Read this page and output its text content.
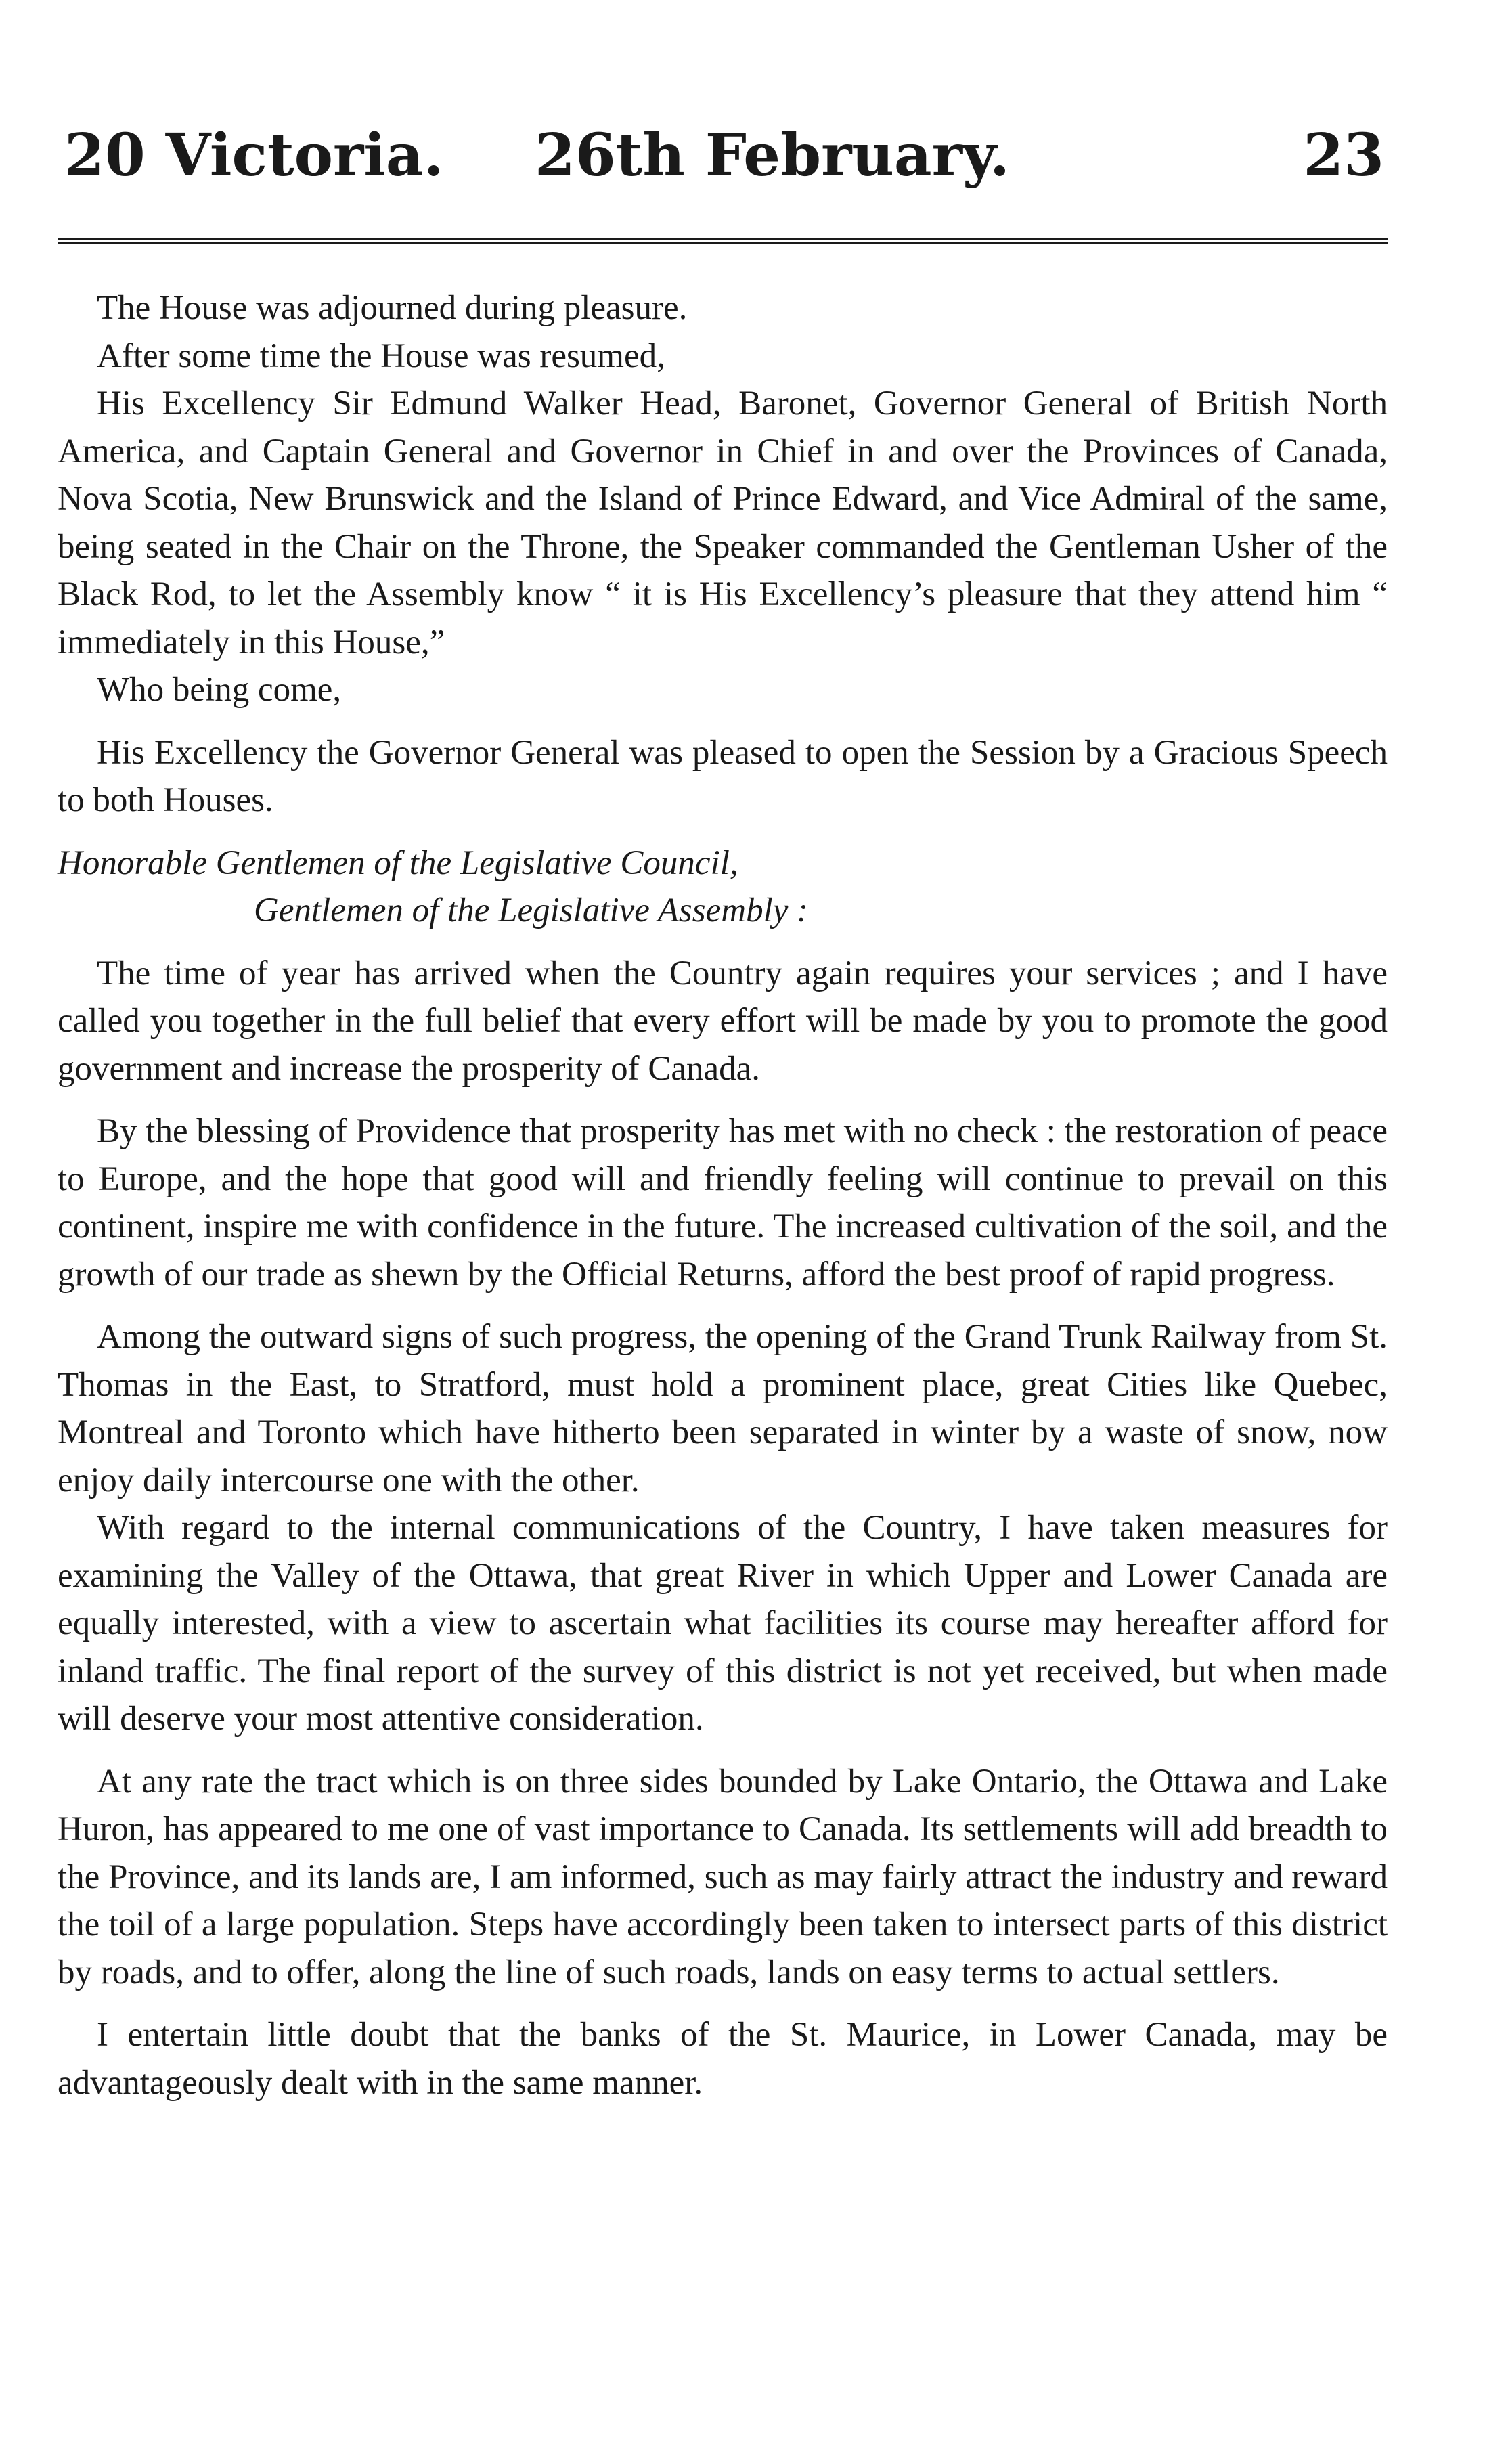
20 Victoria. 26th February.	23

The House was adjourned during pleasure.

After some time the House was resumed,

His Excellency Sir Edmund Walker Head, Baronet, Governor General of British North America, and Captain General and Governor in Chief in and over the Provinces of Canada, Nova Scotia, New Brunswick and the Island of Prince Edward, and Vice Admiral of the same, being seated in the Chair on the Throne, the Speaker commanded the Gentleman Usher of the Black Rod, to let the Assembly know “ it is His Excellency’s pleasure that they attend him “ immediately in this House,”

Who being come,

His Excellency the Governor General was pleased to open the Session by a Gracious Speech to both Houses.

Honorable Gentlemen of the Legislative Council,

Gentlemen of the Legislative Assembly :

The time of year has arrived when the Country again requires your services ; and I have called you together in the full belief that every effort will be made by you to promote the good government and increase the prosperity of Canada.

By the blessing of Providence that prosperity has met with no check : the restoration of peace to Europe, and the hope that good will and friendly feeling will continue to prevail on this continent, inspire me with confidence in the future. The increased cultivation of the soil, and the growth of our trade as shewn by the Official Returns, afford the best proof of rapid progress.

Among the outward signs of such progress, the opening of the Grand Trunk Railway from St. Thomas in the East, to Stratford, must hold a prominent place, great Cities like Quebec, Montreal and Toronto which have hitherto been separated in winter by a waste of snow, now enjoy daily intercourse one with the other.

With regard to the internal communications of the Country, I have taken measures for examining the Valley of the Ottawa, that great River in which Upper and Lower Canada are equally interested, with a view to ascertain what facilities its course may hereafter afford for inland traffic. The final report of the survey of this district is not yet received, but when made will deserve your most attentive consideration.

At any rate the tract which is on three sides bounded by Lake Ontario, the Ottawa and Lake Huron, has appeared to me one of vast importance to Canada. Its settlements will add breadth to the Province, and its lands are, I am informed, such as may fairly attract the industry and reward the toil of a large population. Steps have accordingly been taken to intersect parts of this district by roads, and to offer, along the line of such roads, lands on easy terms to actual settlers.

I entertain little doubt that the banks of the St. Maurice, in Lower Canada, may be advantageously dealt with in the same manner.
